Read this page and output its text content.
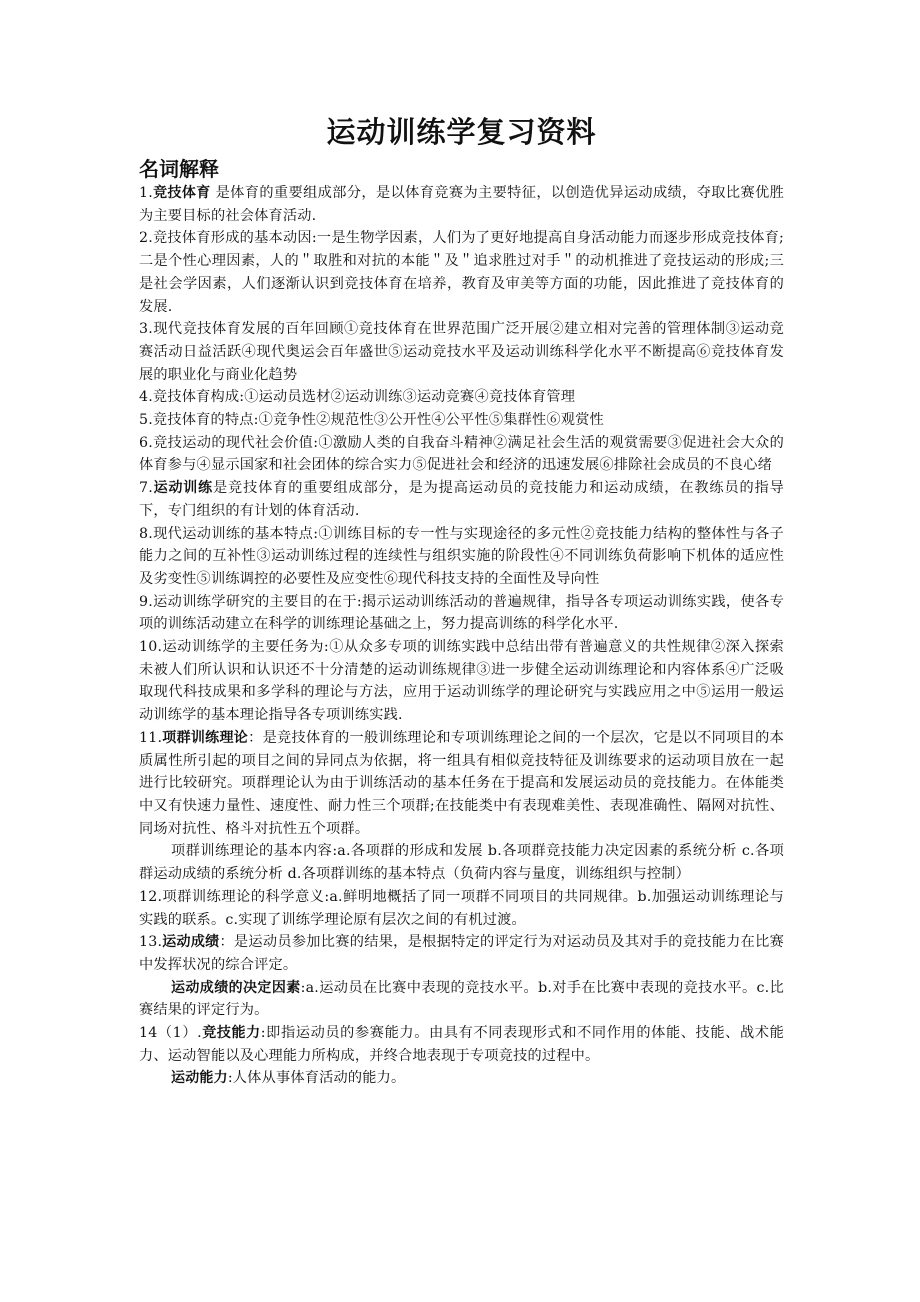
运动训练学复习资料
名词解释

1.竞技体育 是体育的重要组成部分，是以体育竞赛为主要特征，以创造优异运动成绩，夺取比赛优胜为主要目标的社会体育活动.

2.竞技体育形成的基本动因:一是生物学因素，人们为了更好地提高自身活动能力而逐步形成竞技体育;二是个性心理因素，人的＂取胜和对抗的本能＂及＂追求胜过对手＂的动机推进了竞技运动的形成;三是社会学因素，人们逐渐认识到竞技体育在培养，教育及审美等方面的功能，因此推进了竞技体育的发展.

3.现代竞技体育发展的百年回顾①竞技体育在世界范围广泛开展②建立相对完善的管理体制③运动竞赛活动日益活跃④现代奥运会百年盛世⑤运动竞技水平及运动训练科学化水平不断提高⑥竞技体育发展的职业化与商业化趋势

4.竞技体育构成:①运动员选材②运动训练③运动竞赛④竞技体育管理

5.竞技体育的特点:①竞争性②规范性③公开性④公平性⑤集群性⑥观赏性

6.竞技运动的现代社会价值:①激励人类的自我奋斗精神②满足社会生活的观赏需要③促进社会大众的体育参与④显示国家和社会团体的综合实力⑤促进社会和经济的迅速发展⑥排除社会成员的不良心绪

7.运动训练是竞技体育的重要组成部分，是为提高运动员的竞技能力和运动成绩，在教练员的指导下，专门组织的有计划的体育活动.

8.现代运动训练的基本特点:①训练目标的专一性与实现途径的多元性②竞技能力结构的整体性与各子能力之间的互补性③运动训练过程的连续性与组织实施的阶段性④不同训练负荷影响下机体的适应性及劣变性⑤训练调控的必要性及应变性⑥现代科技支持的全面性及导向性

9.运动训练学研究的主要目的在于:揭示运动训练活动的普遍规律，指导各专项运动训练实践，使各专项的训练活动建立在科学的训练理论基础之上，努力提高训练的科学化水平.

10.运动训练学的主要任务为:①从众多专项的训练实践中总结出带有普遍意义的共性规律②深入探索未被人们所认识和认识还不十分清楚的运动训练规律③进一步健全运动训练理论和内容体系④广泛吸取现代科技成果和多学科的理论与方法，应用于运动训练学的理论研究与实践应用之中⑤运用一般运动训练学的基本理论指导各专项训练实践.

11.项群训练理论：是竞技体育的一般训练理论和专项训练理论之间的一个层次，它是以不同项目的本质属性所引起的项目之间的异同点为依据，将一组具有相似竞技特征及训练要求的运动项目放在一起进行比较研究。项群理论认为由于训练活动的基本任务在于提高和发展运动员的竞技能力。在体能类中又有快速力量性、速度性、耐力性三个项群;在技能类中有表现难美性、表现准确性、隔网对抗性、同场对抗性、格斗对抗性五个项群。

项群训练理论的基本内容:a.各项群的形成和发展 b.各项群竞技能力决定因素的系统分析 c.各项群运动成绩的系统分析 d.各项群训练的基本特点（负荷内容与量度，训练组织与控制）

12.项群训练理论的科学意义:a.鲜明地概括了同一项群不同项目的共同规律。b.加强运动训练理论与实践的联系。c.实现了训练学理论原有层次之间的有机过渡。

13.运动成绩：是运动员参加比赛的结果，是根据特定的评定行为对运动员及其对手的竞技能力在比赛中发挥状况的综合评定。

运动成绩的决定因素:a.运动员在比赛中表现的竞技水平。b.对手在比赛中表现的竞技水平。c.比赛结果的评定行为。

14（1）.竞技能力:即指运动员的参赛能力。由具有不同表现形式和不同作用的体能、技能、战术能力、运动智能以及心理能力所构成，并终合地表现于专项竞技的过程中。

运动能力:人体从事体育活动的能力。
